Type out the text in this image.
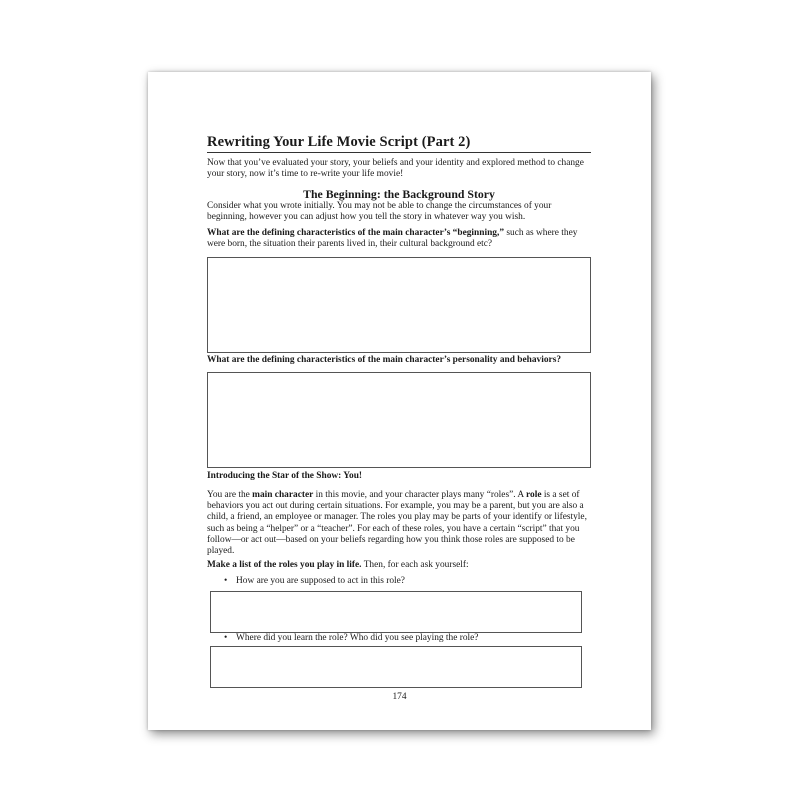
Rewriting Your Life Movie Script (Part 2)
Now that you’ve evaluated your story, your beliefs and your identity and explored method to change your story, now it’s time to re-write your life movie!
The Beginning: the Background Story
Consider what you wrote initially. You may not be able to change the circumstances of your beginning, however you can adjust how you tell the story in whatever way you wish.
What are the defining characteristics of the main character’s “beginning,” such as where they were born, the situation their parents lived in, their cultural background etc?
What are the defining characteristics of the main character’s personality and behaviors?
Introducing the Star of the Show: You!
You are the main character in this movie, and your character plays many “roles”. A role is a set of behaviors you act out during certain situations. For example, you may be a parent, but you are also a child, a friend, an employee or manager. The roles you play may be parts of your identify or lifestyle, such as being a “helper” or a “teacher”. For each of these roles, you have a certain “script” that you follow—or act out—based on your beliefs regarding how you think those roles are supposed to be played.
Make a list of the roles you play in life. Then, for each ask yourself:
• How are you are supposed to act in this role?
• Where did you learn the role? Who did you see playing the role?
174
